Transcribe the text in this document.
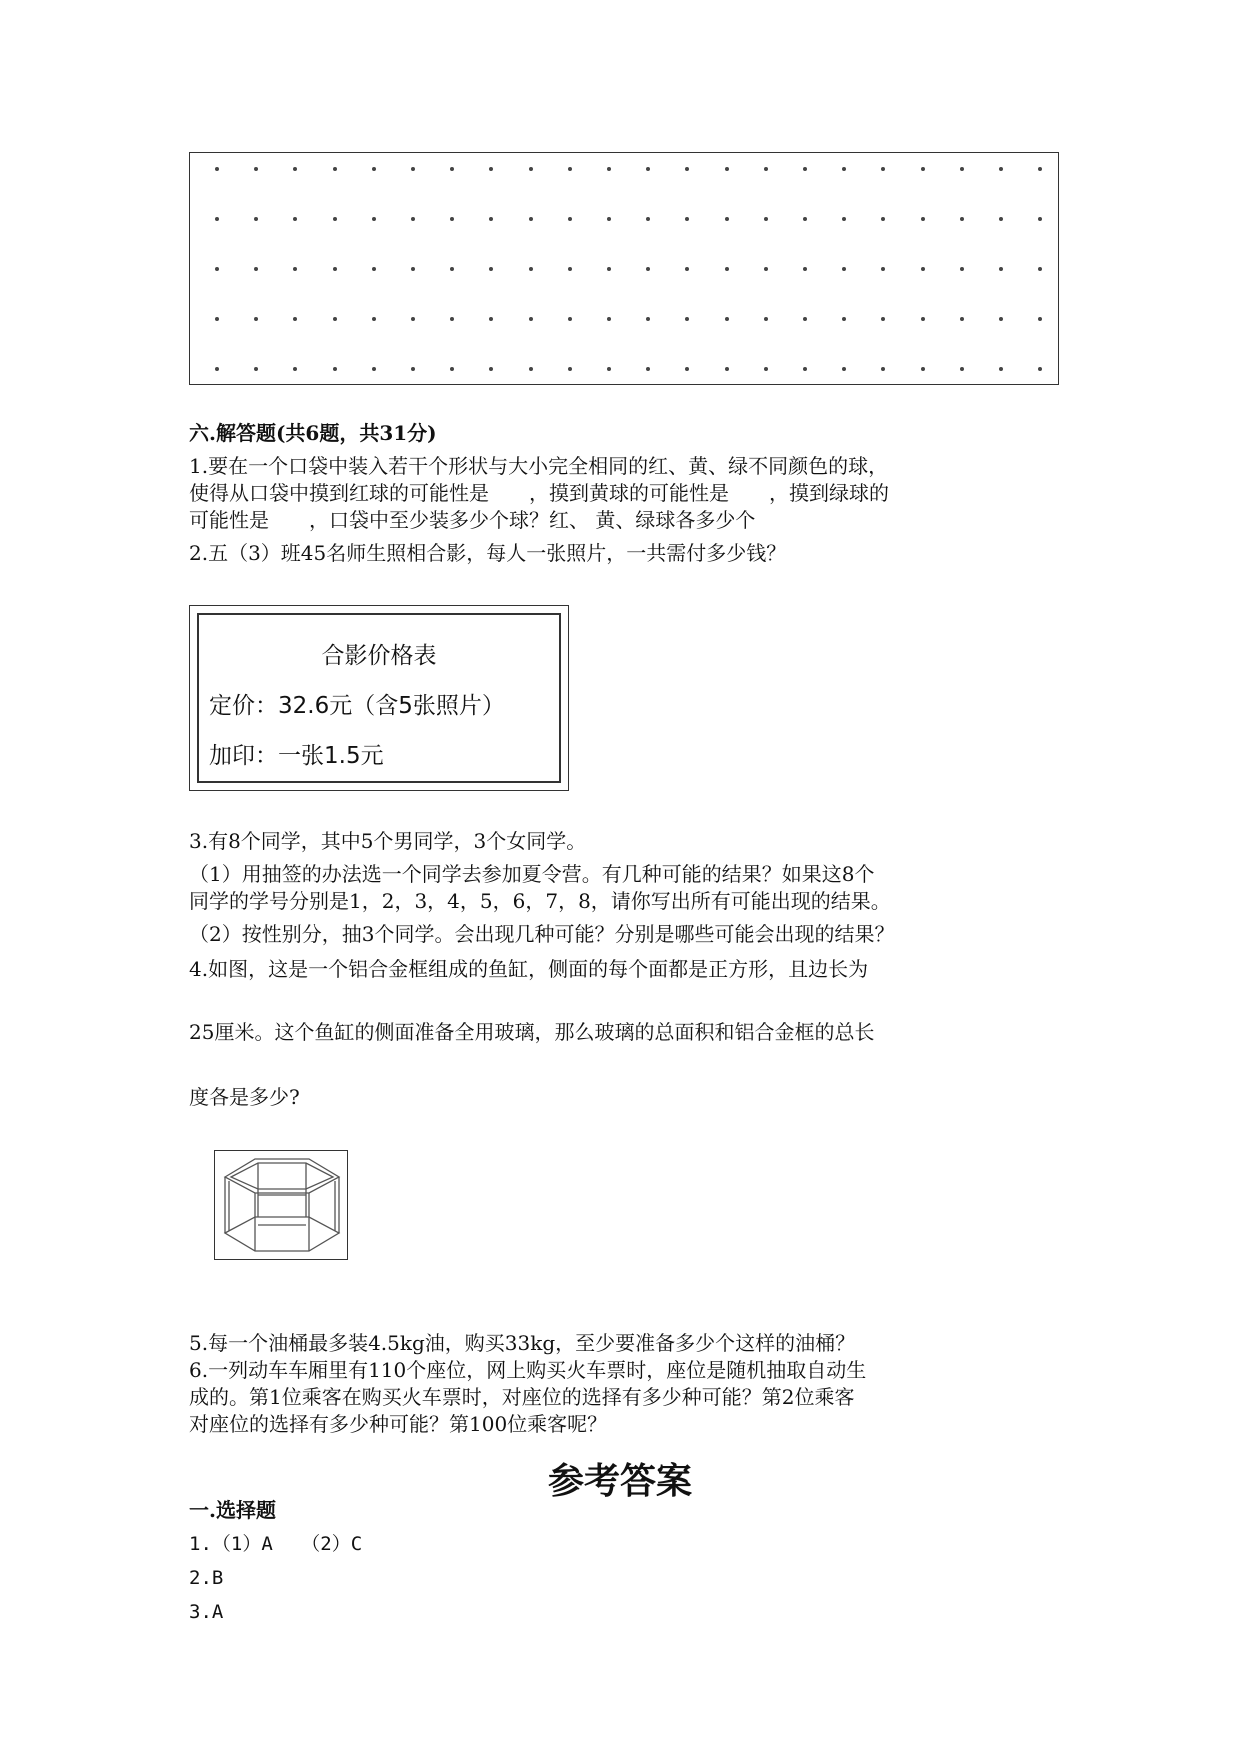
六.解答题(共6题，共31分)
1.要在一个口袋中装入若干个形状与大小完全相同的红、黄、绿不同颜色的球，
使得从口袋中摸到红球的可能性是　　，摸到黄球的可能性是　　，摸到绿球的
可能性是　　，口袋中至少装多少个球？红、 黄、绿球各多少个
2.五（3）班45名师生照相合影，每人一张照片，一共需付多少钱？
合影价格表
定价：32.6元（含5张照片）
加印：一张1.5元
3.有8个同学，其中5个男同学，3个女同学。
（1）用抽签的办法选一个同学去参加夏令营。有几种可能的结果？如果这8个
同学的学号分别是1，2，3，4，5，6，7，8，请你写出所有可能出现的结果。
（2）按性别分，抽3个同学。会出现几种可能？分别是哪些可能会出现的结果？
4.如图，这是一个铝合金框组成的鱼缸，侧面的每个面都是正方形，且边长为
25厘米。这个鱼缸的侧面准备全用玻璃，那么玻璃的总面积和铝合金框的总长
度各是多少?
5.每一个油桶最多装4.5kg油，购买33kg，至少要准备多少个这样的油桶？
6.一列动车车厢里有110个座位，网上购买火车票时，座位是随机抽取自动生
成的。第1位乘客在购买火车票时，对座位的选择有多少种可能？第2位乘客
对座位的选择有多少种可能？第100位乘客呢？
参考答案
一.选择题
1.（1）A　　（2）C
2.B
3.A
